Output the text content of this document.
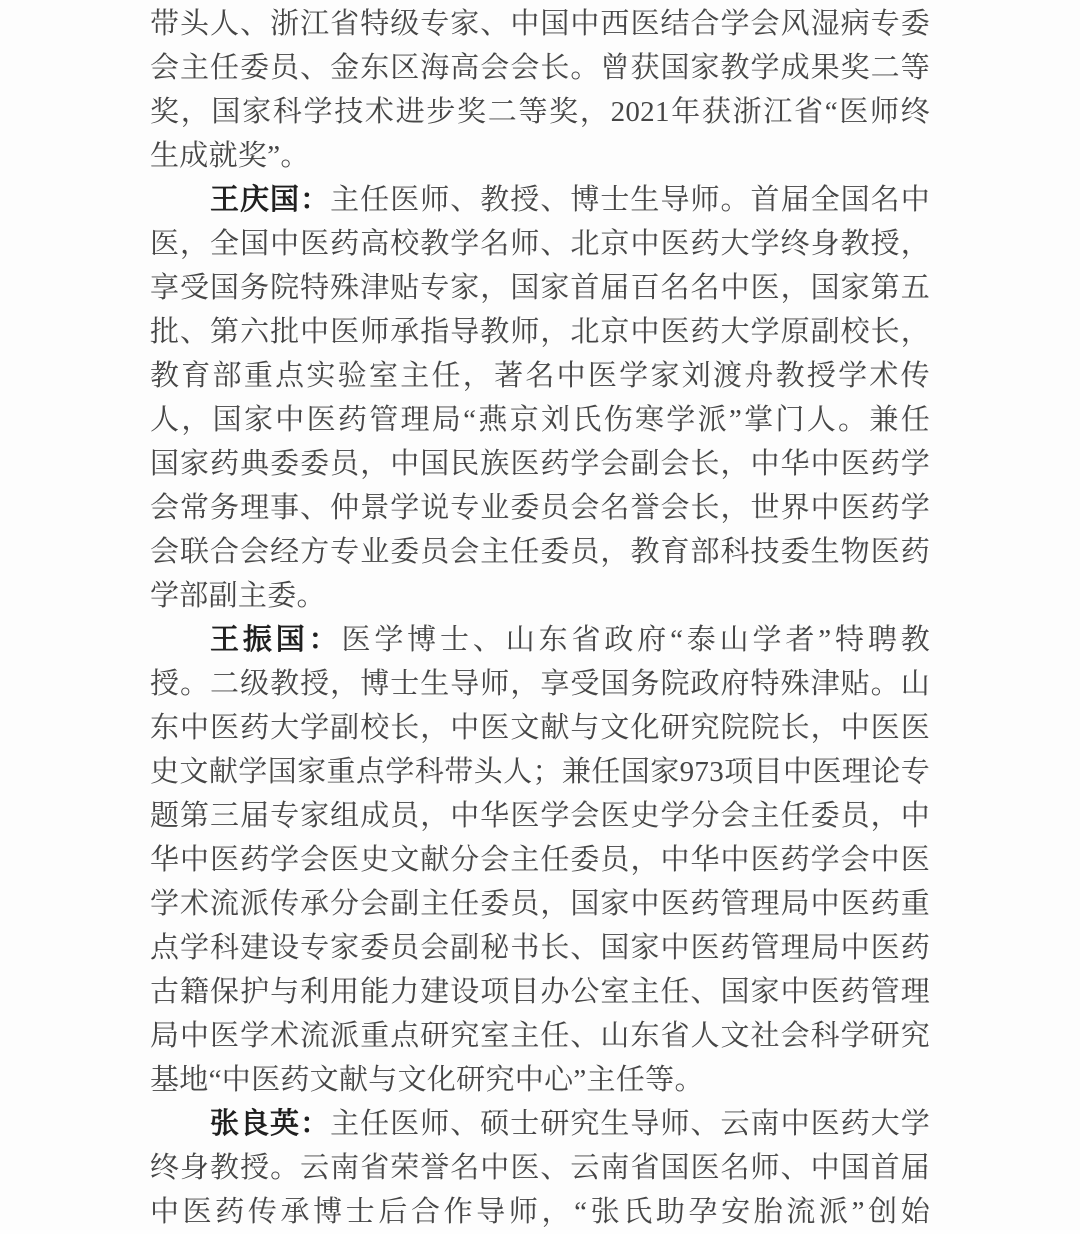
带头人、浙江省特级专家、中国中西医结合学会风湿病专委
会主任委员、金东区海高会会长。曾获国家教学成果奖二等
奖，国家科学技术进步奖二等奖，2021年获浙江省“医师终
生成就奖”。
王庆国：主任医师、教授、博士生导师。首届全国名中
医，全国中医药高校教学名师、北京中医药大学终身教授，
享受国务院特殊津贴专家，国家首届百名名中医，国家第五
批、第六批中医师承指导教师，北京中医药大学原副校长，
教育部重点实验室主任，著名中医学家刘渡舟教授学术传
人，国家中医药管理局“燕京刘氏伤寒学派”掌门人。兼任
国家药典委委员，中国民族医药学会副会长，中华中医药学
会常务理事、仲景学说专业委员会名誉会长，世界中医药学
会联合会经方专业委员会主任委员，教育部科技委生物医药
学部副主委。
王振国：医学博士、山东省政府“泰山学者”特聘教
授。二级教授，博士生导师，享受国务院政府特殊津贴。山
东中医药大学副校长，中医文献与文化研究院院长，中医医
史文献学国家重点学科带头人；兼任国家973项目中医理论专
题第三届专家组成员，中华医学会医史学分会主任委员，中
华中医药学会医史文献分会主任委员，中华中医药学会中医
学术流派传承分会副主任委员，国家中医药管理局中医药重
点学科建设专家委员会副秘书长、国家中医药管理局中医药
古籍保护与利用能力建设项目办公室主任、国家中医药管理
局中医学术流派重点研究室主任、山东省人文社会科学研究
基地“中医药文献与文化研究中心”主任等。
张良英：主任医师、硕士研究生导师、云南中医药大学
终身教授。云南省荣誉名中医、云南省国医名师、中国首届
中医药传承博士后合作导师，“张氏助孕安胎流派”创始
